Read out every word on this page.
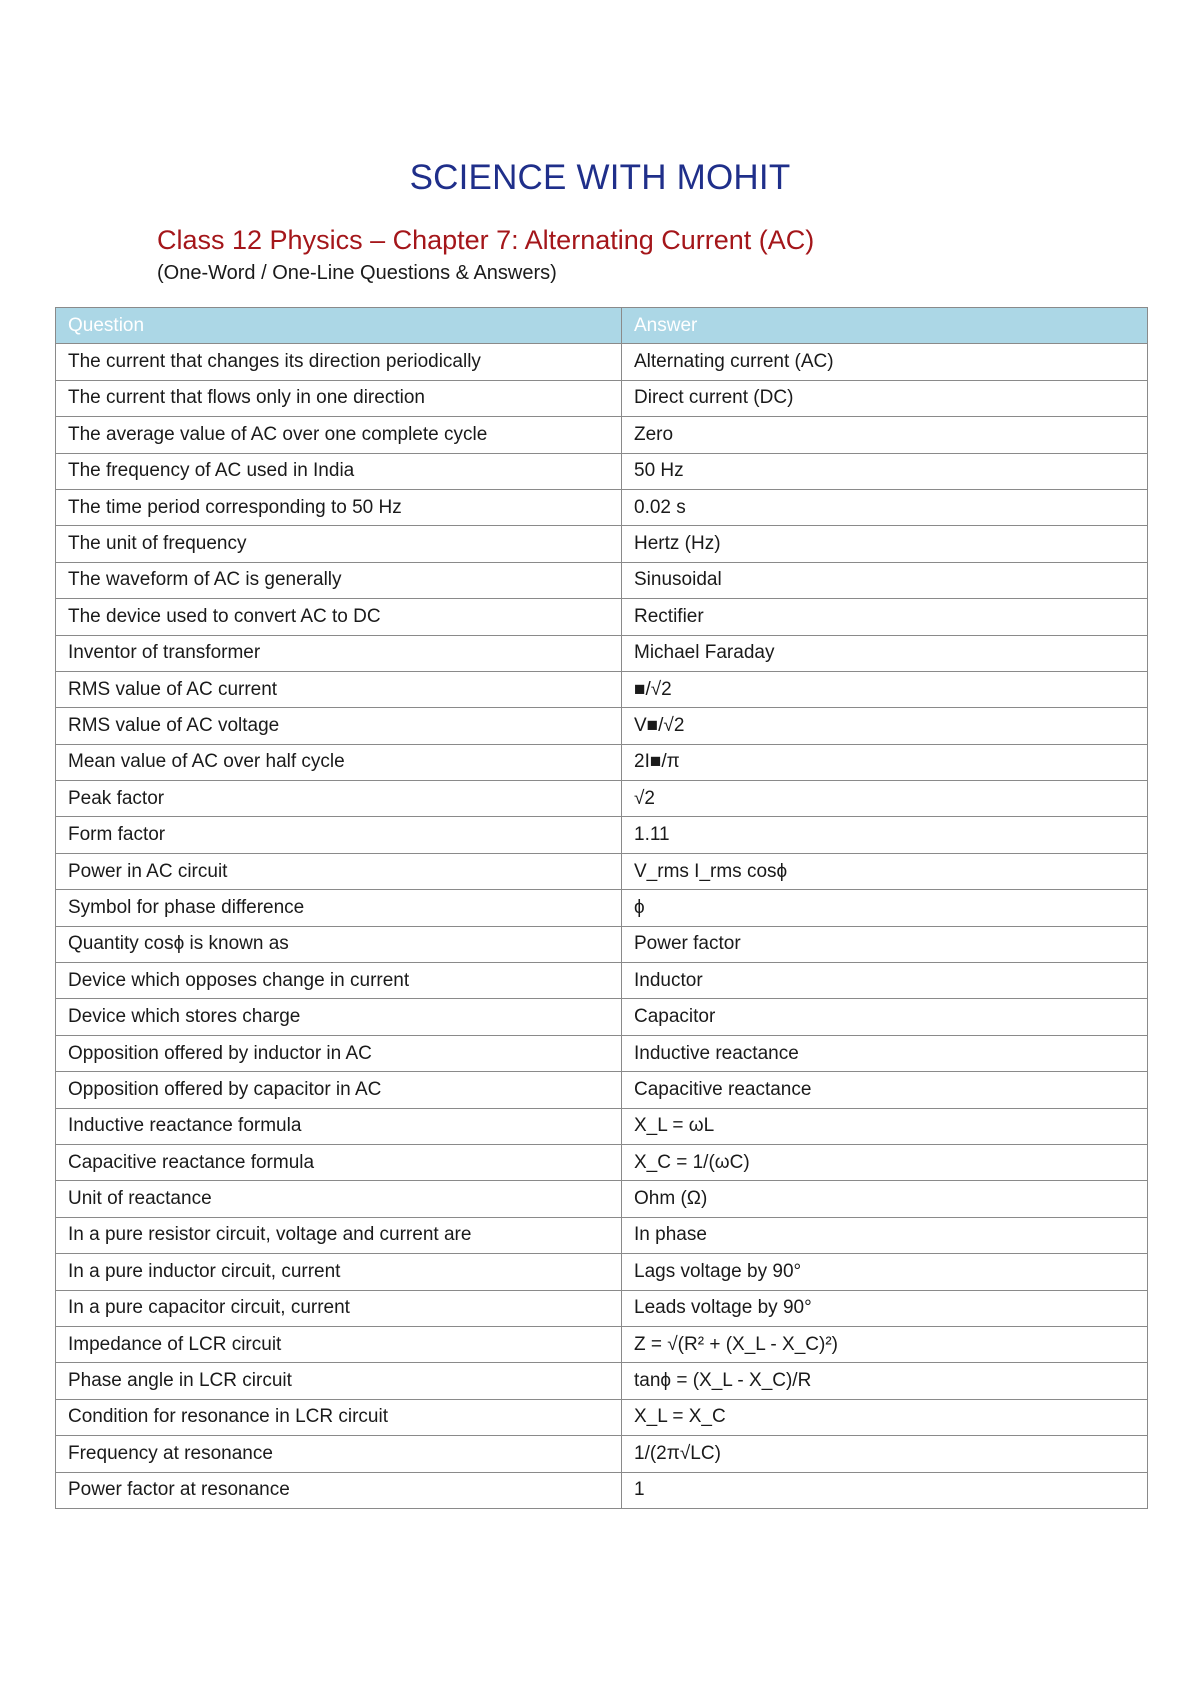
SCIENCE WITH MOHIT
Class 12 Physics – Chapter 7: Alternating Current (AC)

(One-Word / One-Line Questions & Answers)

Question	Answer
The current that changes its direction periodically	Alternating current (AC)
The current that flows only in one direction	Direct current (DC)
The average value of AC over one complete cycle	Zero
The frequency of AC used in India	50 Hz
The time period corresponding to 50 Hz	0.02 s
The unit of frequency	Hertz (Hz)
The waveform of AC is generally	Sinusoidal
The device used to convert AC to DC	Rectifier
Inventor of transformer	Michael Faraday
RMS value of AC current	■/√2
RMS value of AC voltage	V■/√2
Mean value of AC over half cycle	2I■/π
Peak factor	√2
Form factor	1.11
Power in AC circuit	V_rms I_rms cosϕ
Symbol for phase difference	ϕ
Quantity cosϕ is known as	Power factor
Device which opposes change in current	Inductor
Device which stores charge	Capacitor
Opposition offered by inductor in AC	Inductive reactance
Opposition offered by capacitor in AC	Capacitive reactance
Inductive reactance formula	X_L = ωL
Capacitive reactance formula	X_C = 1/(ωC)
Unit of reactance	Ohm (Ω)
In a pure resistor circuit, voltage and current are	In phase
In a pure inductor circuit, current	Lags voltage by 90°
In a pure capacitor circuit, current	Leads voltage by 90°
Impedance of LCR circuit	Z = √(R² + (X_L - X_C)²)
Phase angle in LCR circuit	tanϕ = (X_L - X_C)/R
Condition for resonance in LCR circuit	X_L = X_C
Frequency at resonance	1/(2π√LC)
Power factor at resonance	1
